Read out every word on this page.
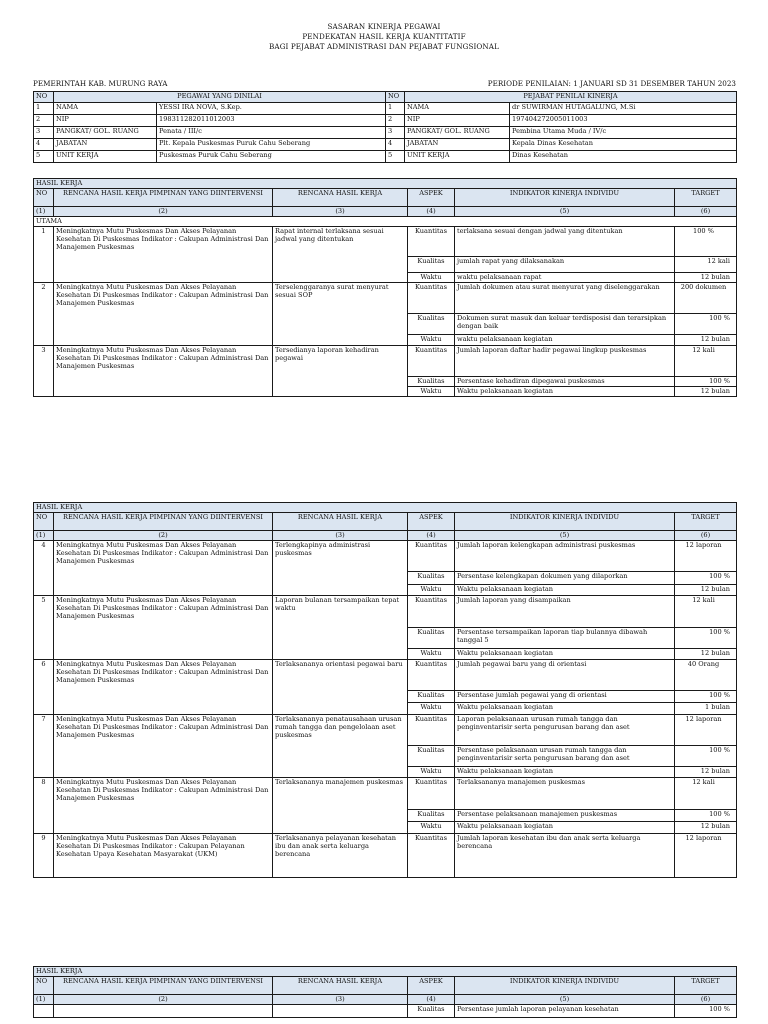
SASARAN KINERJA PEGAWAI
PENDEKATAN HASIL KERJA KUANTITATIF
BAGI PEJABAT ADMINISTRASI DAN PEJABAT FUNGSIONAL
PEMERINTAH KAB. MURUNG RAYA	PERIODE PENILAIAN: 1 JANUARI SD 31 DESEMBER TAHUN 2023
NO	PEGAWAI YANG DINILAI		NO	PEJABAT PENILAI KINERJA	
1	NAMA	YESSI IRA NOVA, S.Kep.	1	NAMA	dr SUWIRMAN HUTAGALUNG, M.Si
2	NIP	198311282011012003	2	NIP	197404272005011003
3	PANGKAT/ GOL. RUANG	Penata / III/c	3	PANGKAT/ GOL. RUANG	Pembina Utama Muda / IV/c
4	JABATAN	Plt. Kepala Puskesmas Puruk Cahu Seberang	4	JABATAN	Kepala Dinas Kesehatan
5	UNIT KERJA	Puskesmas Puruk Cahu Seberang	5	UNIT KERJA	Dinas Kesehatan
HASIL KERJA					
NO	RENCANA HASIL KERJA PIMPINAN YANG DIINTERVENSI	RENCANA HASIL KERJA	ASPEK	INDIKATOR KINERJA INDIVIDU	TARGET
(1)	(2)	(3)	(4)	(5)	(6)
UTAMA					
1	Meningkatnya Mutu Puskesmas Dan Akses Pelayanan Kesehatan Di Puskesmas Indikator : Cakupan Administrasi Dan Manajemen Puskesmas	Rapat internal terlaksana sesuai jadwal yang ditentukan	Kuantitas	terlaksana sesuai dengan jadwal yang ditentukan	100 %
			Kualitas	jumlah rapat yang dilaksanakan	12 kali
			Waktu	waktu pelaksanaan rapat	12 bulan
2	Meningkatnya Mutu Puskesmas Dan Akses Pelayanan Kesehatan Di Puskesmas Indikator : Cakupan Administrasi Dan Manajemen Puskesmas	Terselenggaranya surat menyurat sesuai SOP	Kuantitas	Jumlah dokumen atau surat menyurat yang diselenggarakan	200 dokumen
			Kualitas	Dokumen surat masuk dan keluar terdisposisi dan terarsipkan dengan baik	100 %
			Waktu	waktu pelaksanaan kegiatan	12 bulan
3	Meningkatnya Mutu Puskesmas Dan Akses Pelayanan Kesehatan Di Puskesmas Indikator : Cakupan Administrasi Dan Manajemen Puskesmas	Tersedianya laporan kehadiran pegawai	Kuantitas	Jumlah laporan daftar hadir pegawai lingkup puskesmas	12 kali
			Kualitas	Persentase kehadiran dipegawai puskesmas	100 %
			Waktu	Waktu pelaksanaan kegiatan	12 bulan
HASIL KERJA					
NO	RENCANA HASIL KERJA PIMPINAN YANG DIINTERVENSI	RENCANA HASIL KERJA	ASPEK	INDIKATOR KINERJA INDIVIDU	TARGET
(1)	(2)	(3)	(4)	(5)	(6)
4	Meningkatnya Mutu Puskesmas Dan Akses Pelayanan Kesehatan Di Puskesmas Indikator : Cakupan Administrasi Dan Manajemen Puskesmas	Terlengkapinya administrasi puskesmas	Kuantitas	Jumlah laporan kelengkapan administrasi puskesmas	12 laporan
			Kualitas	Persentase kelengkapan dokumen yang dilaporkan	100 %
			Waktu	Waktu pelaksanaan kegiatan	12 bulan
5	Meningkatnya Mutu Puskesmas Dan Akses Pelayanan Kesehatan Di Puskesmas Indikator : Cakupan Administrasi Dan Manajemen Puskesmas	Laporan bulanan tersampaikan tepat waktu	Kuantitas	Jumlah laporan yang disampaikan	12 kali
			Kualitas	Persentase tersampaikan laporan tiap bulannya dibawah tanggal 5	100 %
			Waktu	Waktu pelaksanaan kegiatan	12 bulan
6	Meningkatnya Mutu Puskesmas Dan Akses Pelayanan Kesehatan Di Puskesmas Indikator : Cakupan Administrasi Dan Manajemen Puskesmas	Terlaksananya orientasi pegawai baru	Kuantitas	Jumlah pegawai baru yang di orientasi	40 Orang
			Kualitas	Persentase jumlah pegawai yang di orientasi	100 %
			Waktu	Waktu pelaksanaan kegiatan	1 bulan
7	Meningkatnya Mutu Puskesmas Dan Akses Pelayanan Kesehatan Di Puskesmas Indikator : Cakupan Administrasi Dan Manajemen Puskesmas	Terlaksananya penatausahaan urusan rumah tangga dan pengelolaan aset puskesmas	Kuantitas	Laporan pelaksanaan urusan rumah tangga dan penginventarisir serta pengurusan barang dan aset	12 laporan
			Kualitas	Persentase pelaksanaan urusan rumah tangga dan penginventarisir serta pengurusan barang dan aset	100 %
			Waktu	Waktu pelaksanaan kegiatan	12 bulan
8	Meningkatnya Mutu Puskesmas Dan Akses Pelayanan Kesehatan Di Puskesmas Indikator : Cakupan Administrasi Dan Manajemen Puskesmas	Terlaksananya manajemen puskesmas	Kuantitas	Terlaksananya manajemen puskesmas	12 kali
			Kualitas	Persentase pelaksanaan manajemen puskesmas	100 %
			Waktu	Waktu pelaksanaan kegiatan	12 bulan
9	Meningkatnya Mutu Puskesmas Dan Akses Pelayanan Kesehatan Di Puskesmas Indikator : Cakupan Pelayanan Kesehatan Upaya Kesehatan Masyarakat (UKM)	Terlaksananya pelayanan kesehatan ibu dan anak serta keluarga berencana	Kuantitas	Jumlah laporan kesehatan ibu dan anak serta keluarga berencana	12 laporan
HASIL KERJA					
NO	RENCANA HASIL KERJA PIMPINAN YANG DIINTERVENSI	RENCANA HASIL KERJA	ASPEK	INDIKATOR KINERJA INDIVIDU	TARGET
(1)	(2)	(3)	(4)	(5)	(6)
			Kualitas	Persentase jumlah laporan pelayanan kesehatan	100 %
